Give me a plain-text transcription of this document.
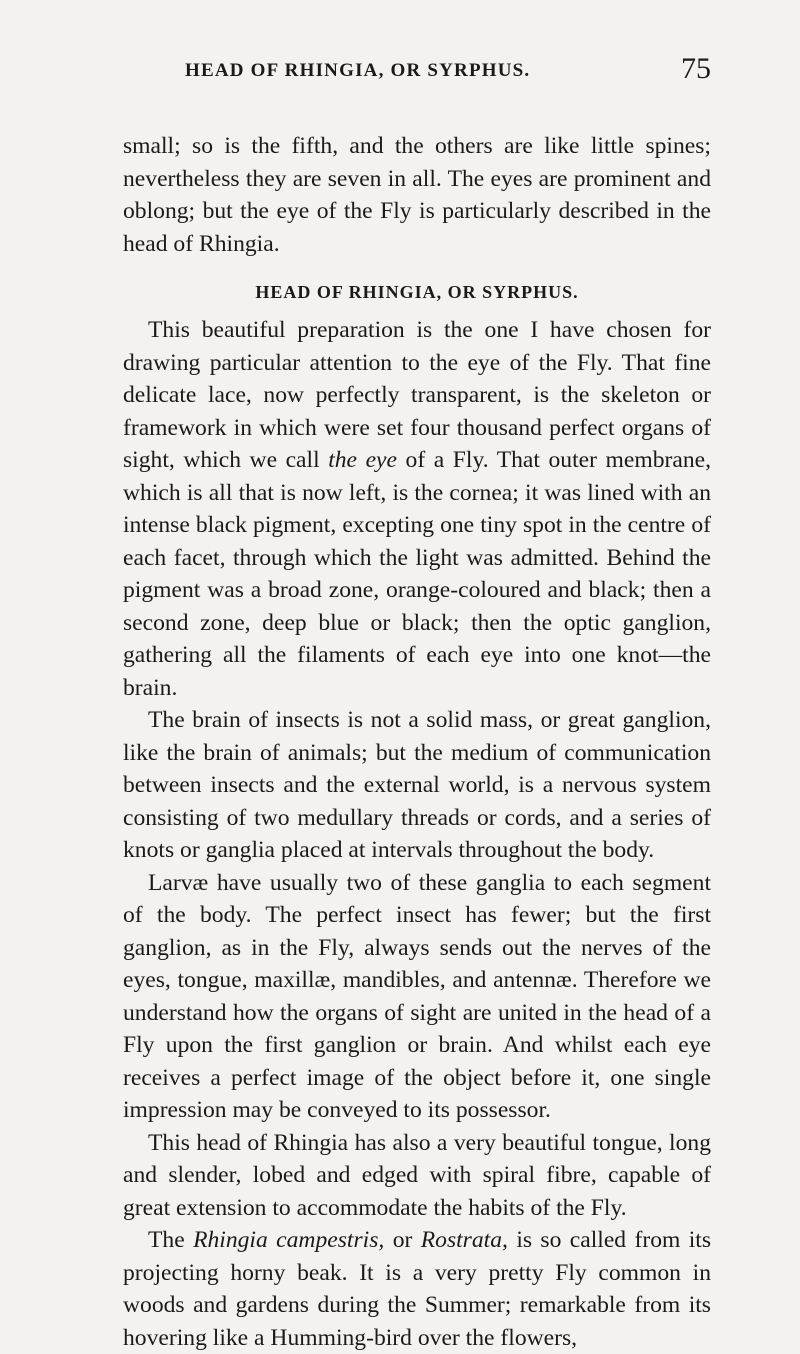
HEAD OF RHINGIA, OR SYRPHUS.	75

small; so is the fifth, and the others are like little spines; nevertheless they are seven in all. The eyes are prominent and oblong; but the eye of the Fly is particularly described in the head of Rhingia.

HEAD OF RHINGIA, OR SYRPHUS.

This beautiful preparation is the one I have chosen for drawing particular attention to the eye of the Fly. That fine delicate lace, now perfectly transparent, is the skeleton or framework in which were set four thousand perfect organs of sight, which we call the eye of a Fly. That outer membrane, which is all that is now left, is the cornea; it was lined with an intense black pigment, excepting one tiny spot in the centre of each facet, through which the light was admitted. Behind the pigment was a broad zone, orange-coloured and black; then a second zone, deep blue or black; then the optic ganglion, gathering all the filaments of each eye into one knot—the brain.

The brain of insects is not a solid mass, or great ganglion, like the brain of animals; but the medium of communication between insects and the external world, is a nervous system consisting of two medullary threads or cords, and a series of knots or ganglia placed at intervals throughout the body.

Larvæ have usually two of these ganglia to each segment of the body. The perfect insect has fewer; but the first ganglion, as in the Fly, always sends out the nerves of the eyes, tongue, maxillæ, mandibles, and antennæ. Therefore we understand how the organs of sight are united in the head of a Fly upon the first ganglion or brain. And whilst each eye receives a perfect image of the object before it, one single impression may be conveyed to its possessor.

This head of Rhingia has also a very beautiful tongue, long and slender, lobed and edged with spiral fibre, capable of great extension to accommodate the habits of the Fly.

The Rhingia campestris, or Rostrata, is so called from its projecting horny beak. It is a very pretty Fly common in woods and gardens during the Summer; remarkable from its hovering like a Humming-bird over the flowers,
